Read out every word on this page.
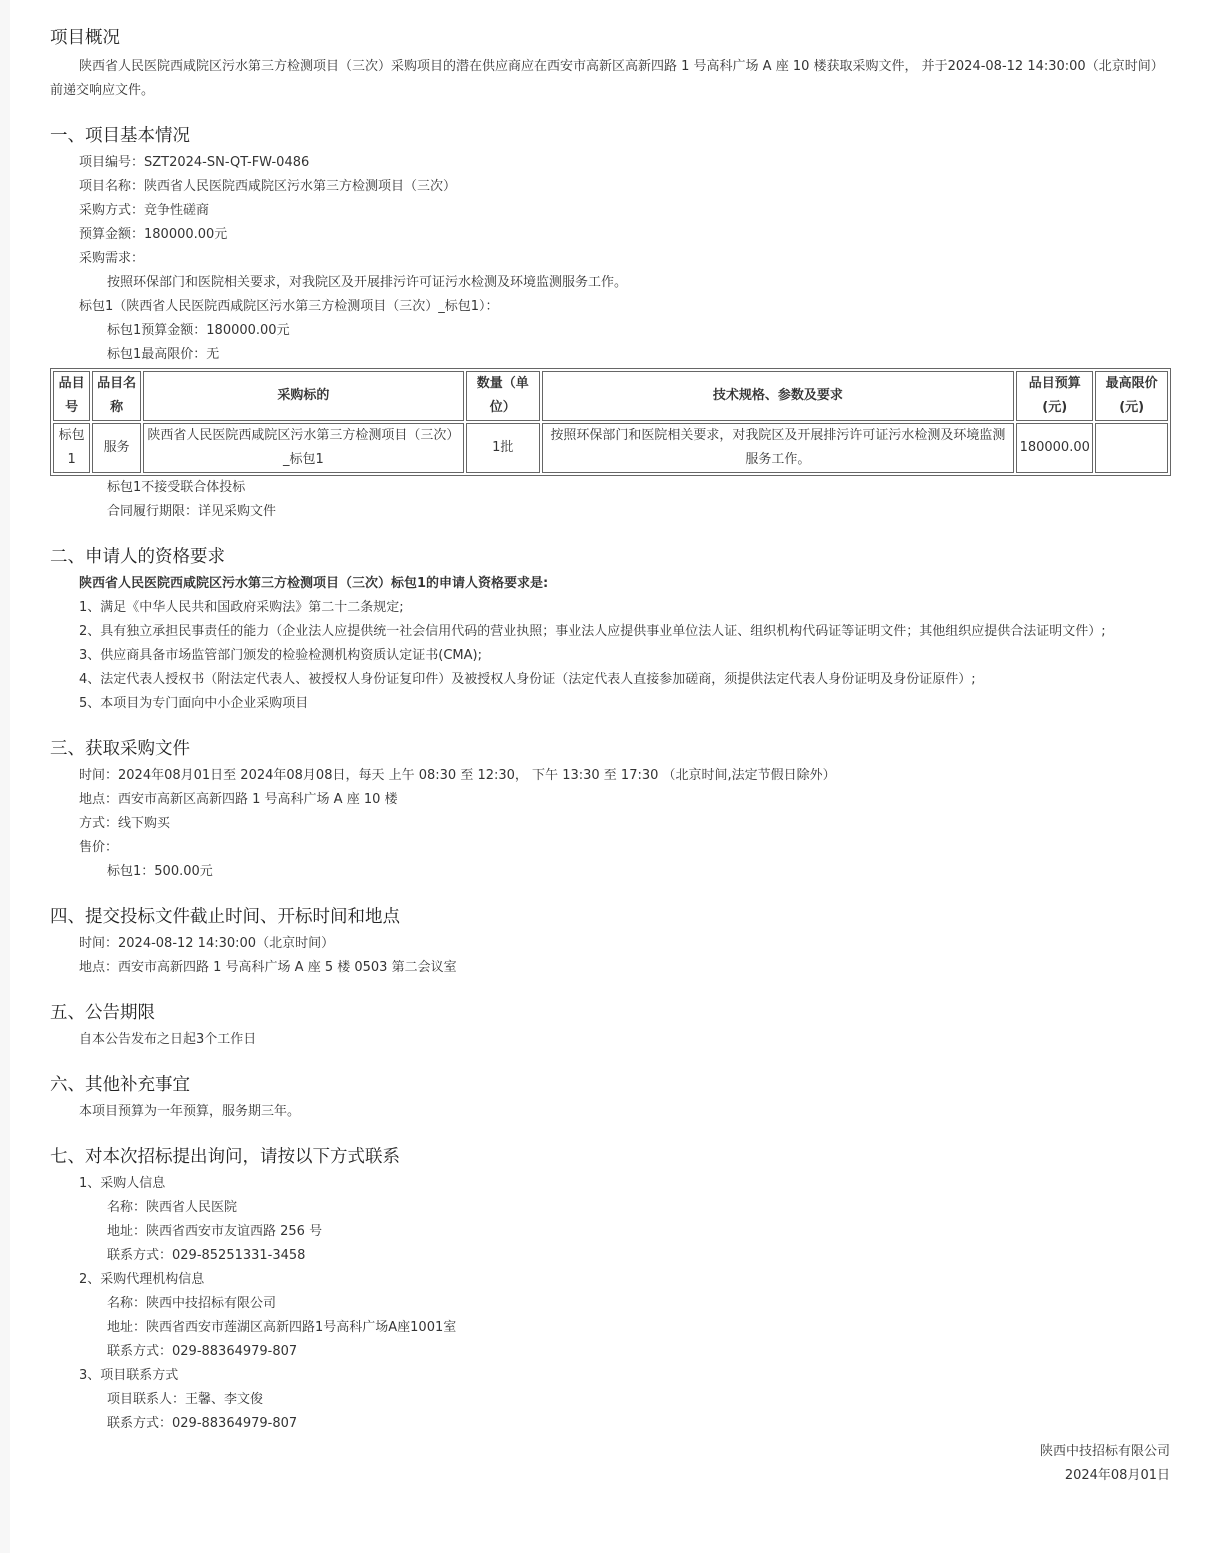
项目概况

陕西省人民医院西咸院区污水第三方检测项目（三次）采购项目的潜在供应商应在西安市高新区高新四路 1 号高科广场 A 座 10 楼获取采购文件， 并于2024-08-12 14:30:00（北京时间）前递交响应文件。

一、项目基本情况

项目编号：SZT2024-SN-QT-FW-0486

项目名称：陕西省人民医院西咸院区污水第三方检测项目（三次）

采购方式：竞争性磋商

预算金额：180000.00元

采购需求：

按照环保部门和医院相关要求，对我院区及开展排污许可证污水检测及环境监测服务工作。

标包1（陕西省人民医院西咸院区污水第三方检测项目（三次）_标包1）：

标包1预算金额：180000.00元

标包1最高限价：无

品目号	品目名称	采购标的	数量（单位）	技术规格、参数及要求	品目预算(元)	最高限价(元)
标包1	服务	陕西省人民医院西咸院区污水第三方检测项目（三次）_标包1	1批	按照环保部门和医院相关要求，对我院区及开展排污许可证污水检测及环境监测服务工作。	180000.00	

标包1不接受联合体投标

合同履行期限：详见采购文件

二、申请人的资格要求

陕西省人民医院西咸院区污水第三方检测项目（三次）标包1的申请人资格要求是:

1、满足《中华人民共和国政府采购法》第二十二条规定;

2、具有独立承担民事责任的能力（企业法人应提供统一社会信用代码的营业执照；事业法人应提供事业单位法人证、组织机构代码证等证明文件；其他组织应提供合法证明文件）;

3、供应商具备市场监管部门颁发的检验检测机构资质认定证书(CMA);

4、法定代表人授权书（附法定代表人、被授权人身份证复印件）及被授权人身份证（法定代表人直接参加磋商，须提供法定代表人身份证明及身份证原件）;

5、本项目为专门面向中小企业采购项目

三、获取采购文件

时间：2024年08月01日至 2024年08月08日，每天 上午 08:30 至 12:30， 下午 13:30 至 17:30 （北京时间,法定节假日除外）

地点：西安市高新区高新四路 1 号高科广场 A 座 10 楼

方式：线下购买

售价：

标包1：500.00元

四、提交投标文件截止时间、开标时间和地点

时间：2024-08-12 14:30:00（北京时间）

地点：西安市高新四路 1 号高科广场 A 座 5 楼 0503 第二会议室

五、公告期限

自本公告发布之日起3个工作日

六、其他补充事宜

本项目预算为一年预算，服务期三年。

七、对本次招标提出询问，请按以下方式联系

1、采购人信息

名称：陕西省人民医院

地址：陕西省西安市友谊西路 256 号

联系方式：029-85251331-3458

2、采购代理机构信息

名称：陕西中技招标有限公司

地址：陕西省西安市莲湖区高新四路1号高科广场A座1001室

联系方式：029-88364979-807

3、项目联系方式

项目联系人：王馨、李文俊

联系方式：029-88364979-807

陕西中技招标有限公司

2024年08月01日
